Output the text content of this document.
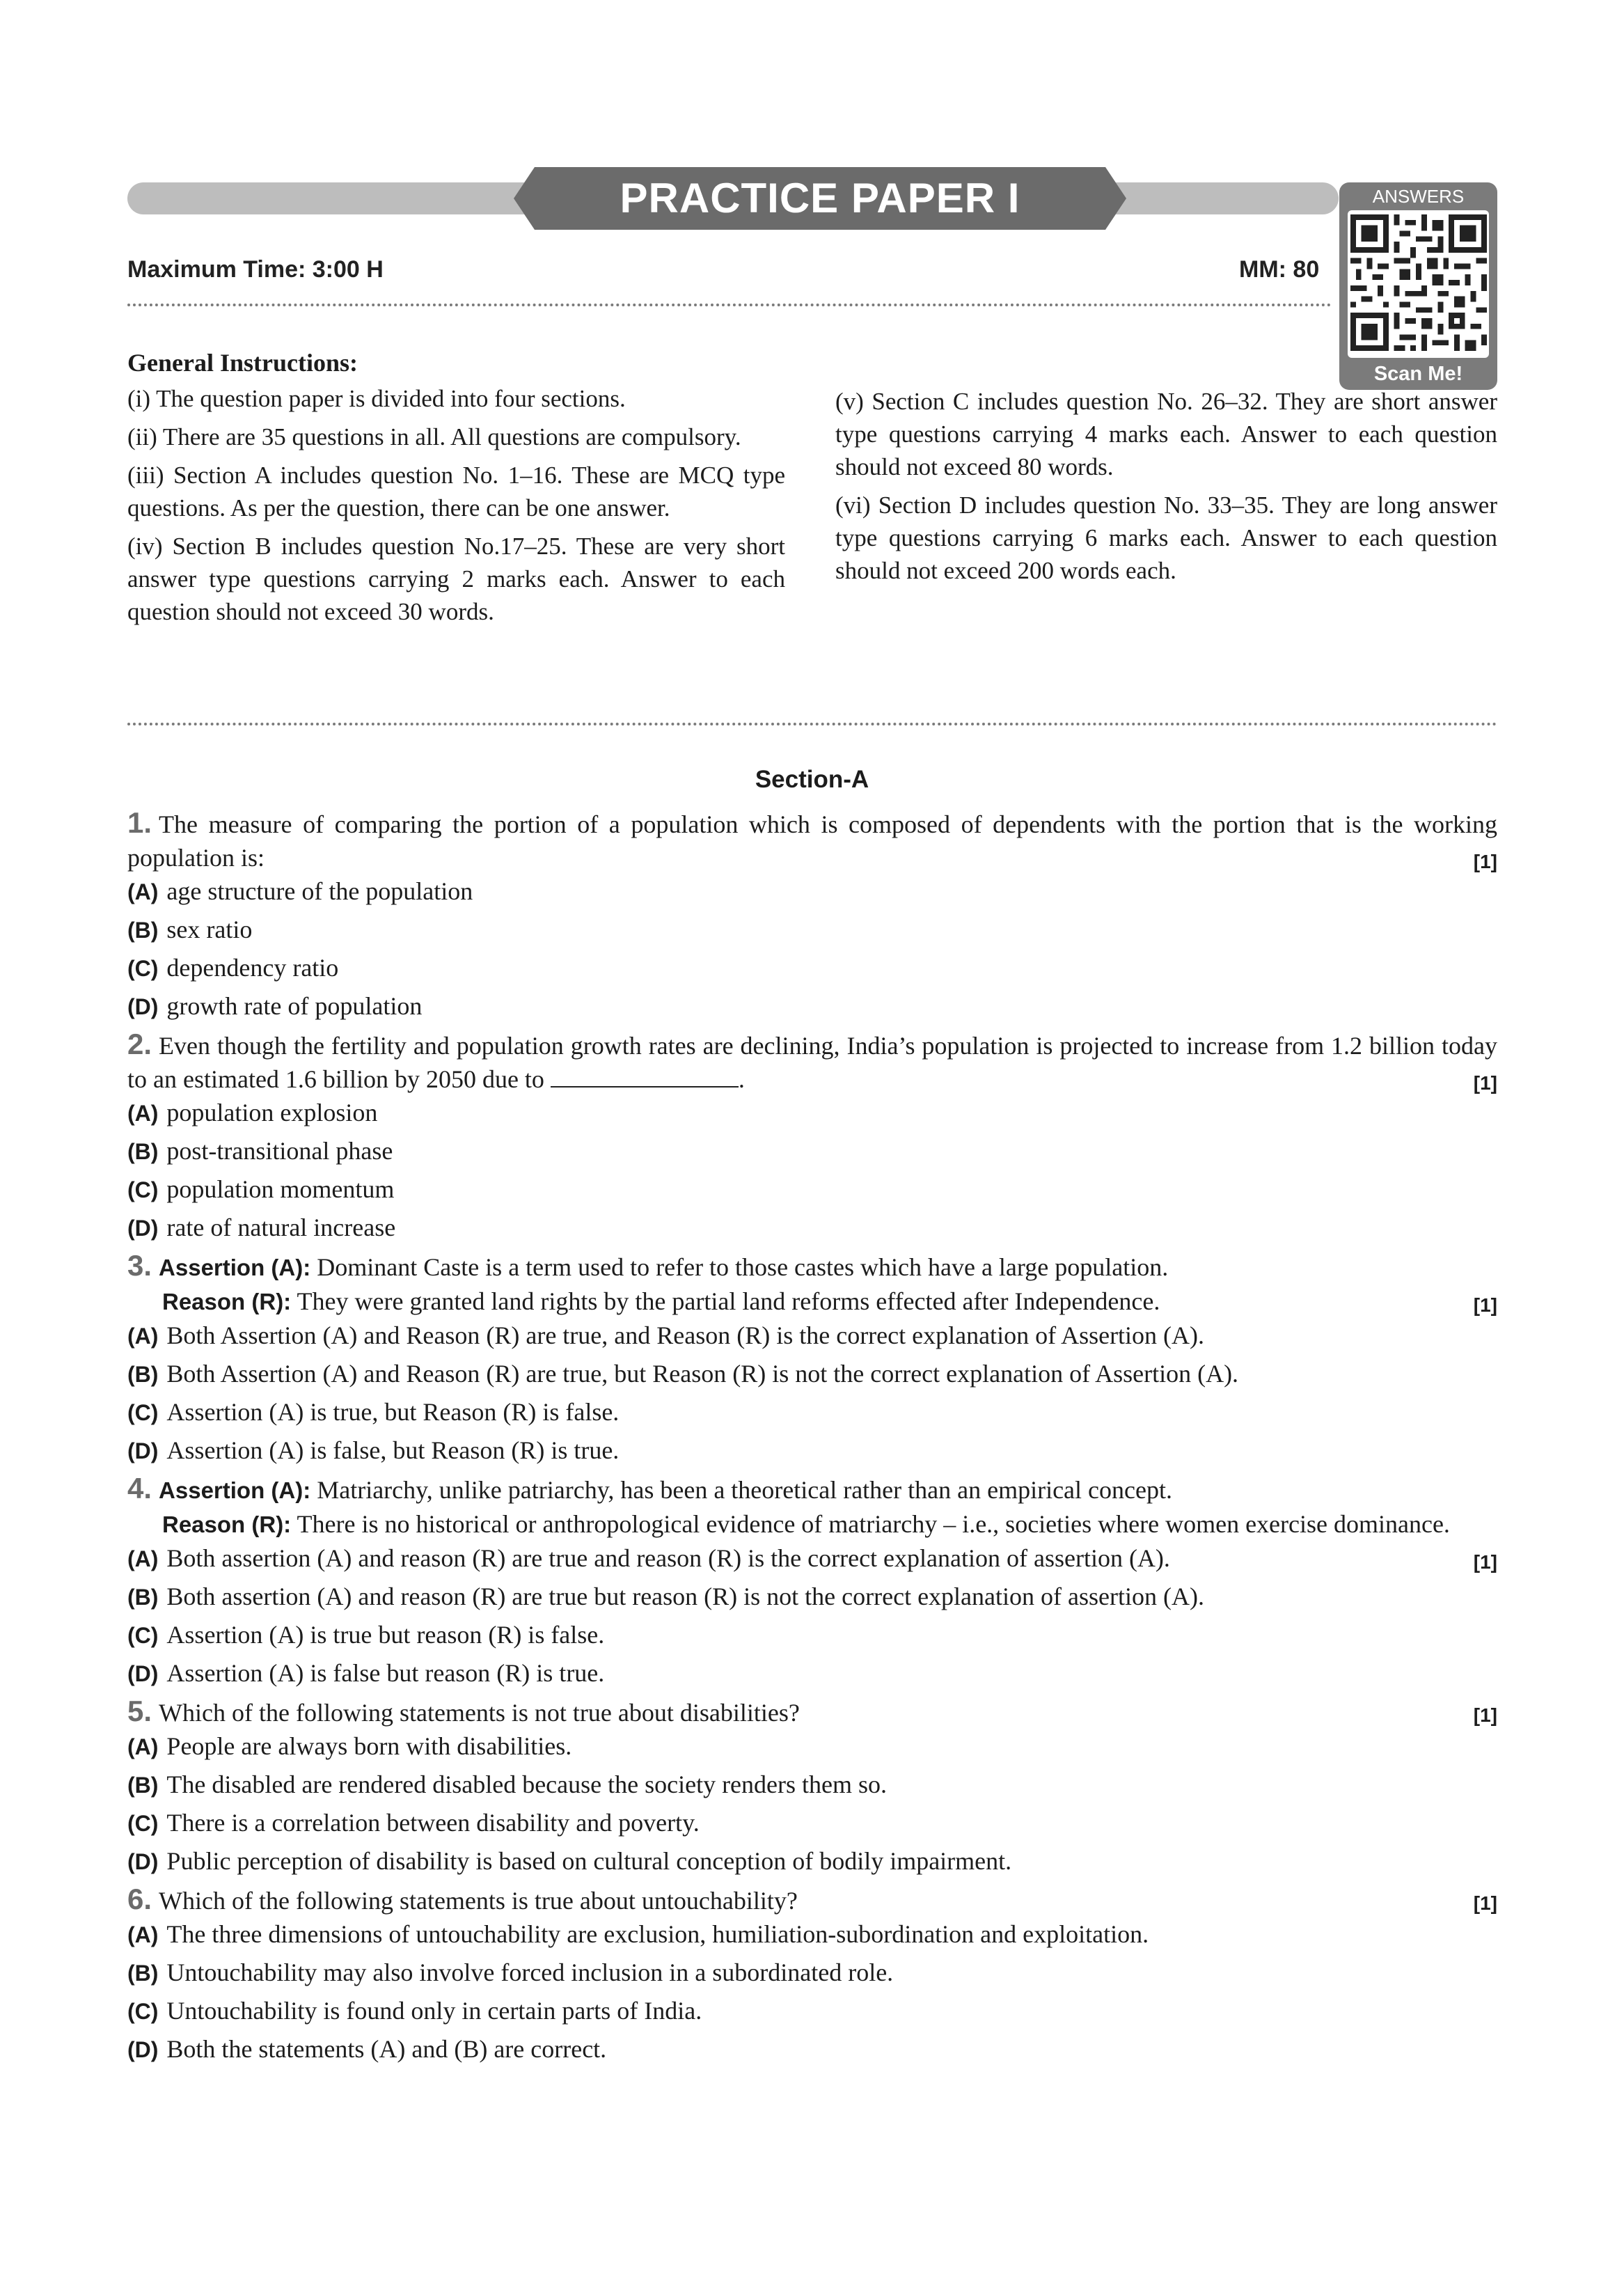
PRACTICE PAPER I	ANSWERS
Scan Me!
Maximum Time: 3:00 H	MM: 80
General Instructions:

(i) The question paper is divided into four sections.

(ii) There are 35 questions in all. All questions are compulsory.

(iii) Section A includes question No. 1–16. These are MCQ type questions. As per the question, there can be one answer.

(iv) Section B includes question No.17–25. These are very short answer type questions carrying 2 marks each. Answer to each question should not exceed 30 words.

(v) Section C includes question No. 26–32. They are short answer type questions carrying 4 marks each. Answer to each question should not exceed 80 words.

(vi) Section D includes question No. 33–35. They are long answer type questions carrying 6 marks each. Answer to each question should not exceed 200 words each.

Section-A

1. The measure of comparing the portion of a population which is composed of dependents with the portion that is the working population is:	[1]

(A) age structure of the population

(B) sex ratio

(C) dependency ratio

(D) growth rate of population

2. Even though the fertility and population growth rates are declining, India’s population is projected to increase from 1.2 billion today to an estimated 1.6 billion by 2050 due to	.	[1]

(A) population explosion

(B) post-transitional phase

(C) population momentum

(D) rate of natural increase

3. Assertion (A): Dominant Caste is a term used to refer to those castes which have a large population.

Reason (R): They were granted land rights by the partial land reforms effected after Independence.	[1]

(A) Both Assertion (A) and Reason (R) are true, and Reason (R) is the correct explanation of Assertion (A).

(B) Both Assertion (A) and Reason (R) are true, but Reason (R) is not the correct explanation of Assertion (A).

(C) Assertion (A) is true, but Reason (R) is false.

(D) Assertion (A) is false, but Reason (R) is true.

4. Assertion (A): Matriarchy, unlike patriarchy, has been a theoretical rather than an empirical concept.

Reason (R): There is no historical or anthropological evidence of matriarchy – i.e., societies where women exercise dominance.
[1]

(A) Both assertion (A) and reason (R) are true and reason (R) is the correct explanation of assertion (A).

(B) Both assertion (A) and reason (R) are true but reason (R) is not the correct explanation of assertion (A).

(C) Assertion (A) is true but reason (R) is false.

(D) Assertion (A) is false but reason (R) is true.

5. Which of the following statements is not true about disabilities?	[1]

(A) People are always born with disabilities.

(B) The disabled are rendered disabled because the society renders them so.

(C) There is a correlation between disability and poverty.

(D) Public perception of disability is based on cultural conception of bodily impairment.

6. Which of the following statements is true about untouchability?	[1]

(A) The three dimensions of untouchability are exclusion, humiliation-subordination and exploitation.

(B) Untouchability may also involve forced inclusion in a subordinated role.

(C) Untouchability is found only in certain parts of India.

(D) Both the statements (A) and (B) are correct.
